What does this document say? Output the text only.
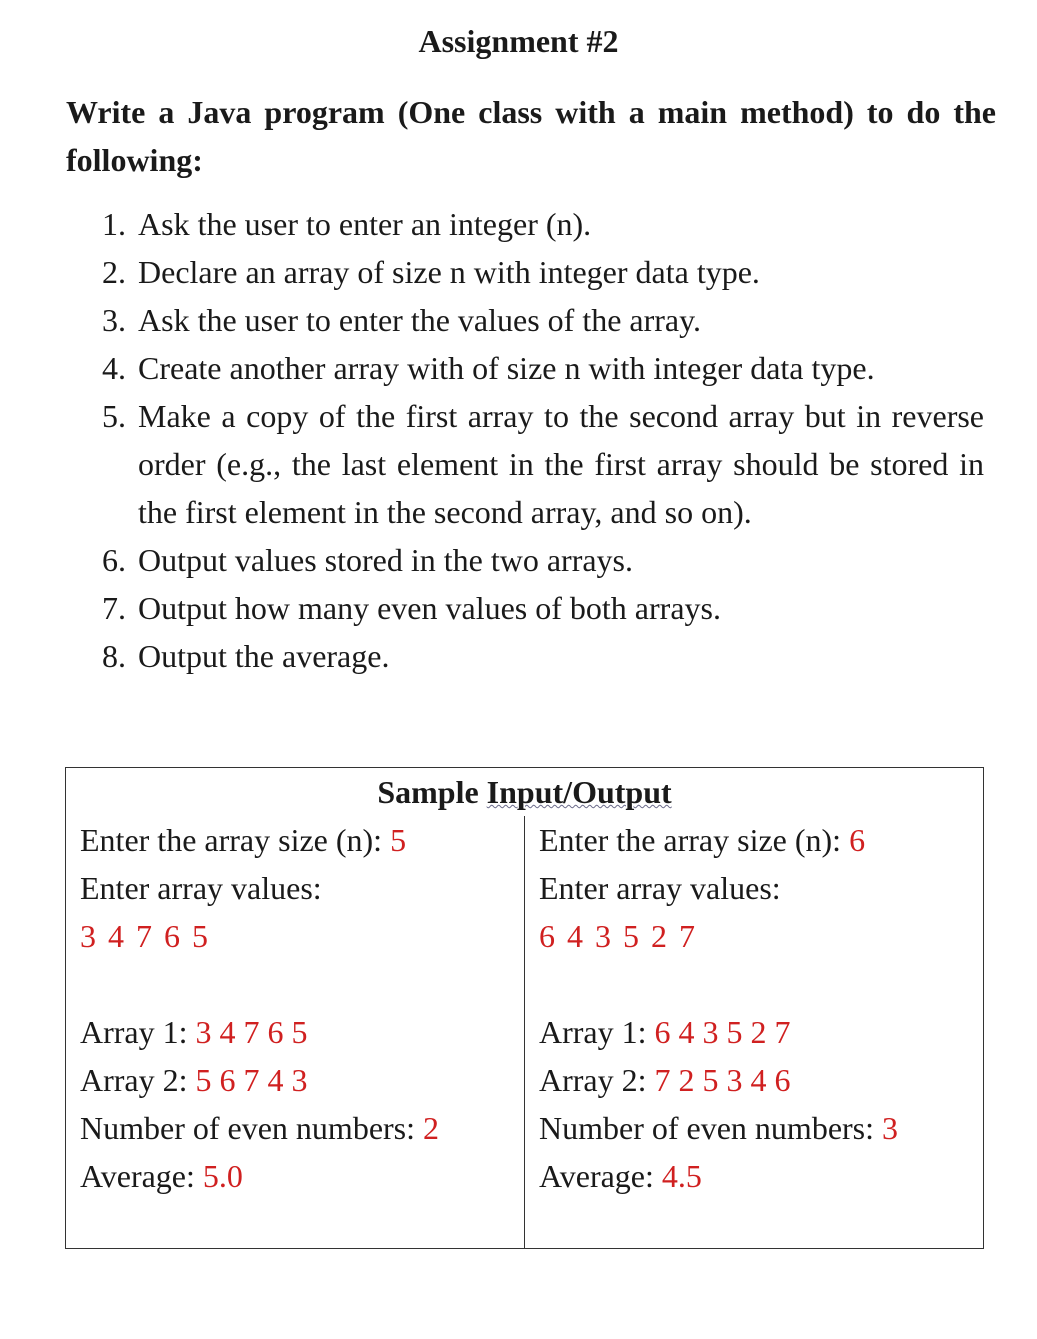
Assignment #2
Write a Java program (One class with a main method) to do the following:
1. Ask the user to enter an integer (n).
2. Declare an array of size n with integer data type.
3. Ask the user to enter the values of the array.
4. Create another array with of size n with integer data type.
5. Make a copy of the first array to the second array but in reverse order (e.g., the last element in the first array should be stored in the first element in the second array, and so on).
6. Output values stored in the two arrays.
7. Output how many even values of both arrays.
8. Output the average.
Sample Input/Output
Enter the array size (n): 5
Enter array values:
3 4 7 6 5
Array 1: 3 4 7 6 5
Array 2: 5 6 7 4 3
Number of even numbers: 2
Average: 5.0
Enter the array size (n): 6
Enter array values:
6 4 3 5 2 7
Array 1: 6 4 3 5 2 7
Array 2: 7 2 5 3 4 6
Number of even numbers: 3
Average: 4.5
